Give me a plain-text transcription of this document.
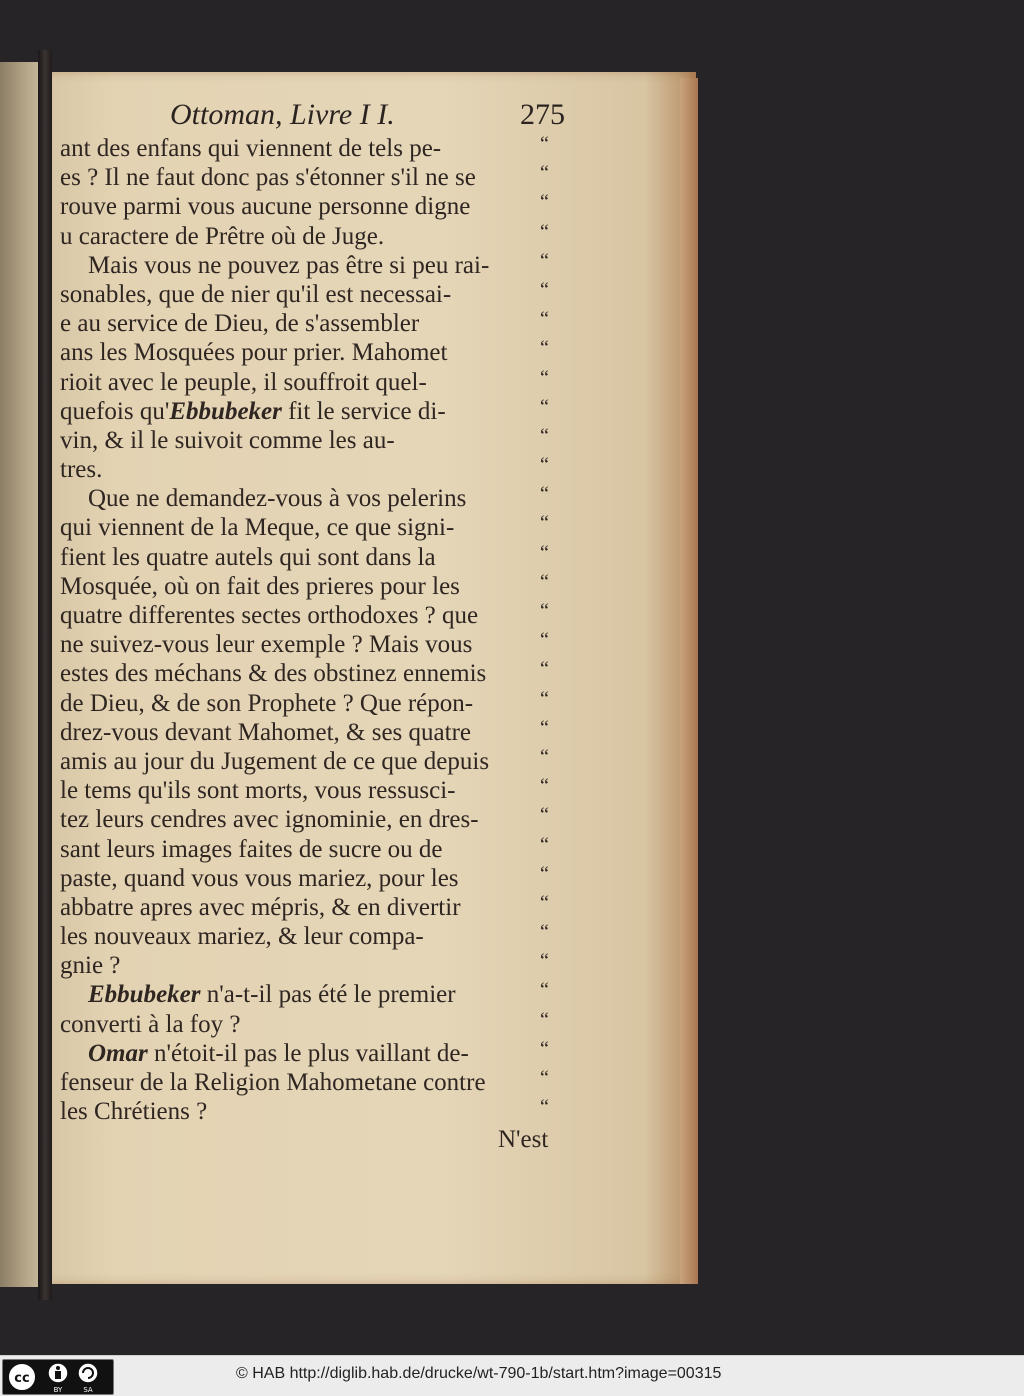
Ottoman, Livre I I.	275
ant des enfans qui viennent de tels pe-	“
es ? Il ne faut donc pas s'étonner s'il ne se	“
rouve parmi vous aucune personne digne	“
u caractere de Prêtre où de Juge.	“
Mais vous ne pouvez pas être si peu rai-	“
sonables, que de nier qu'il est necessai-	“
e au service de Dieu, de s'assembler	“
ans les Mosquées pour prier. Mahomet	“
rioit avec le peuple, il souffroit quel-	“
quefois qu'Ebbubeker fit le service di-	“
vin, & il le suivoit comme les au-	“
tres.	“
Que ne demandez-vous à vos pelerins	“
qui viennent de la Meque, ce que signi-	“
fient les quatre autels qui sont dans la	“
Mosquée, où on fait des prieres pour les	“
quatre differentes sectes orthodoxes ? que	“
ne suivez-vous leur exemple ? Mais vous	“
estes des méchans & des obstinez ennemis	“
de Dieu, & de son Prophete ? Que répon-	“
drez-vous devant Mahomet, & ses quatre	“
amis au jour du Jugement de ce que depuis	“
le tems qu'ils sont morts, vous ressusci-	“
tez leurs cendres avec ignominie, en dres-	“
sant leurs images faites de sucre ou de	“
paste, quand vous vous mariez, pour les	“
abbatre apres avec mépris, & en divertir	“
les nouveaux mariez, & leur compa-	“
gnie ?	“
Ebbubeker n'a-t-il pas été le premier	“
converti à la foy ?	“
Omar n'étoit-il pas le plus vaillant de-	“
fenseur de la Religion Mahometane contre	“
les Chrétiens ?	“
N'est
cc
BY	SA
© HAB http://diglib.hab.de/drucke/wt-790-1b/start.htm?image=00315
